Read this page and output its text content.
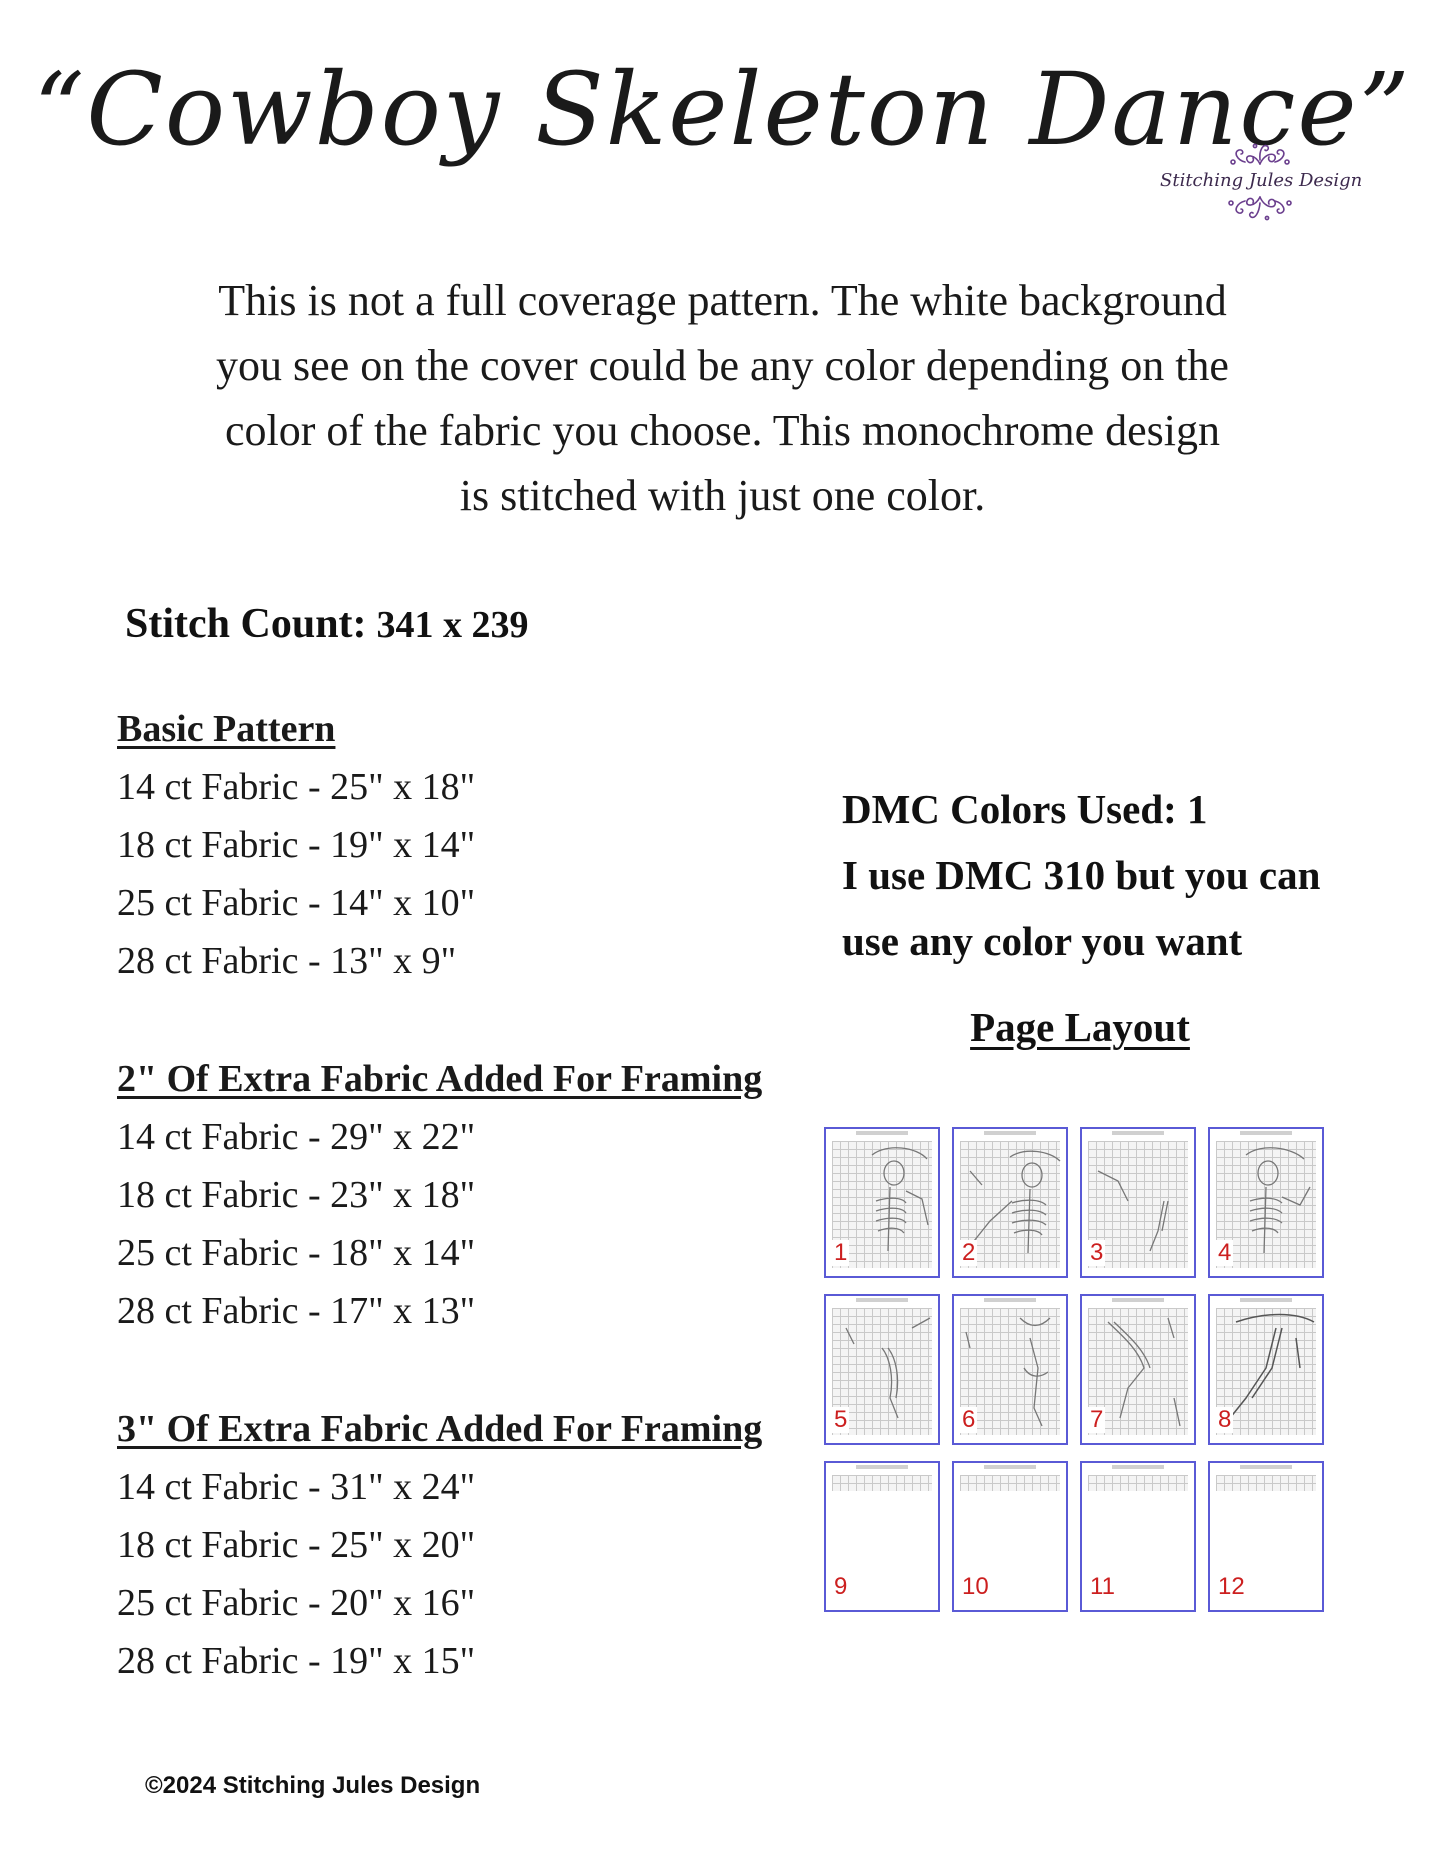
“Cowboy Skeleton Dance”
Stitching Jules Design
This is not a full coverage pattern. The white background
you see on the cover could be any color depending on the
color of the fabric you choose. This monochrome design
is stitched with just one color.
Stitch Count: 341 x 239
Basic Pattern
14 ct Fabric - 25" x 18"
18 ct Fabric - 19" x 14"
25 ct Fabric - 14" x 10"
28 ct Fabric - 13" x 9"
2" Of Extra Fabric Added For Framing
14 ct Fabric - 29" x 22"
18 ct Fabric - 23" x 18"
25 ct Fabric - 18" x 14"
28 ct Fabric - 17" x 13"
3" Of Extra Fabric Added For Framing
14 ct Fabric - 31" x 24"
18 ct Fabric - 25" x 20"
25 ct Fabric - 20" x 16"
28 ct Fabric - 19" x 15"
DMC Colors Used: 1
I use DMC 310 but you can
use any color you want
Page Layout
1	2	3	4
5	6	7	8
9	10	11	12
©2024 Stitching Jules Design
